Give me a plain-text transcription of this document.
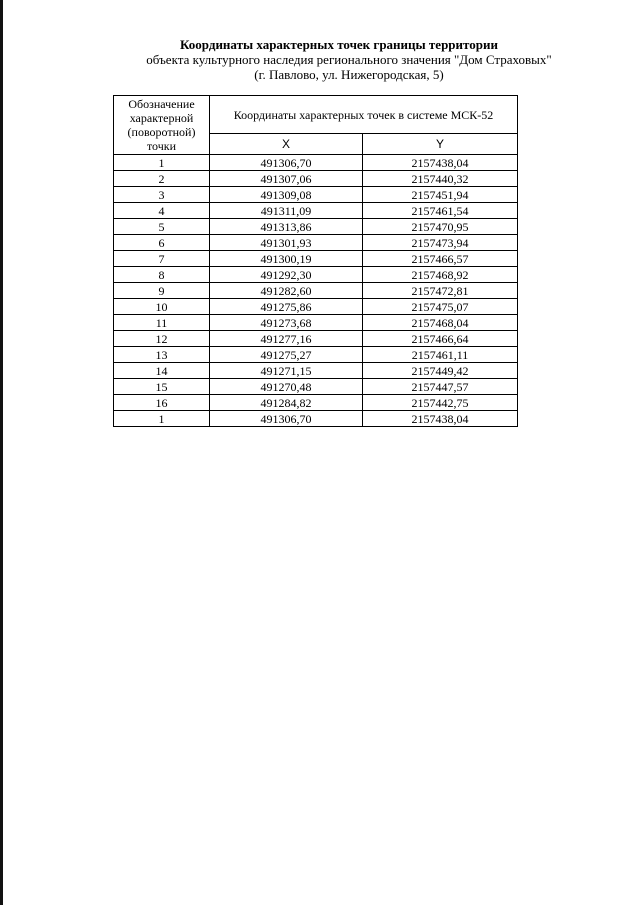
Координаты характерных точек границы территории
объекта культурного наследия регионального значения "Дом Страховых"
(г. Павлово, ул. Нижегородская, 5)
Обозначение характерной (поворотной) точки	Координаты характерных точек в системе МСК-52	
	X	Y
1	491306,70	2157438,04
2	491307,06	2157440,32
3	491309,08	2157451,94
4	491311,09	2157461,54
5	491313,86	2157470,95
6	491301,93	2157473,94
7	491300,19	2157466,57
8	491292,30	2157468,92
9	491282,60	2157472,81
10	491275,86	2157475,07
11	491273,68	2157468,04
12	491277,16	2157466,64
13	491275,27	2157461,11
14	491271,15	2157449,42
15	491270,48	2157447,57
16	491284,82	2157442,75
1	491306,70	2157438,04
